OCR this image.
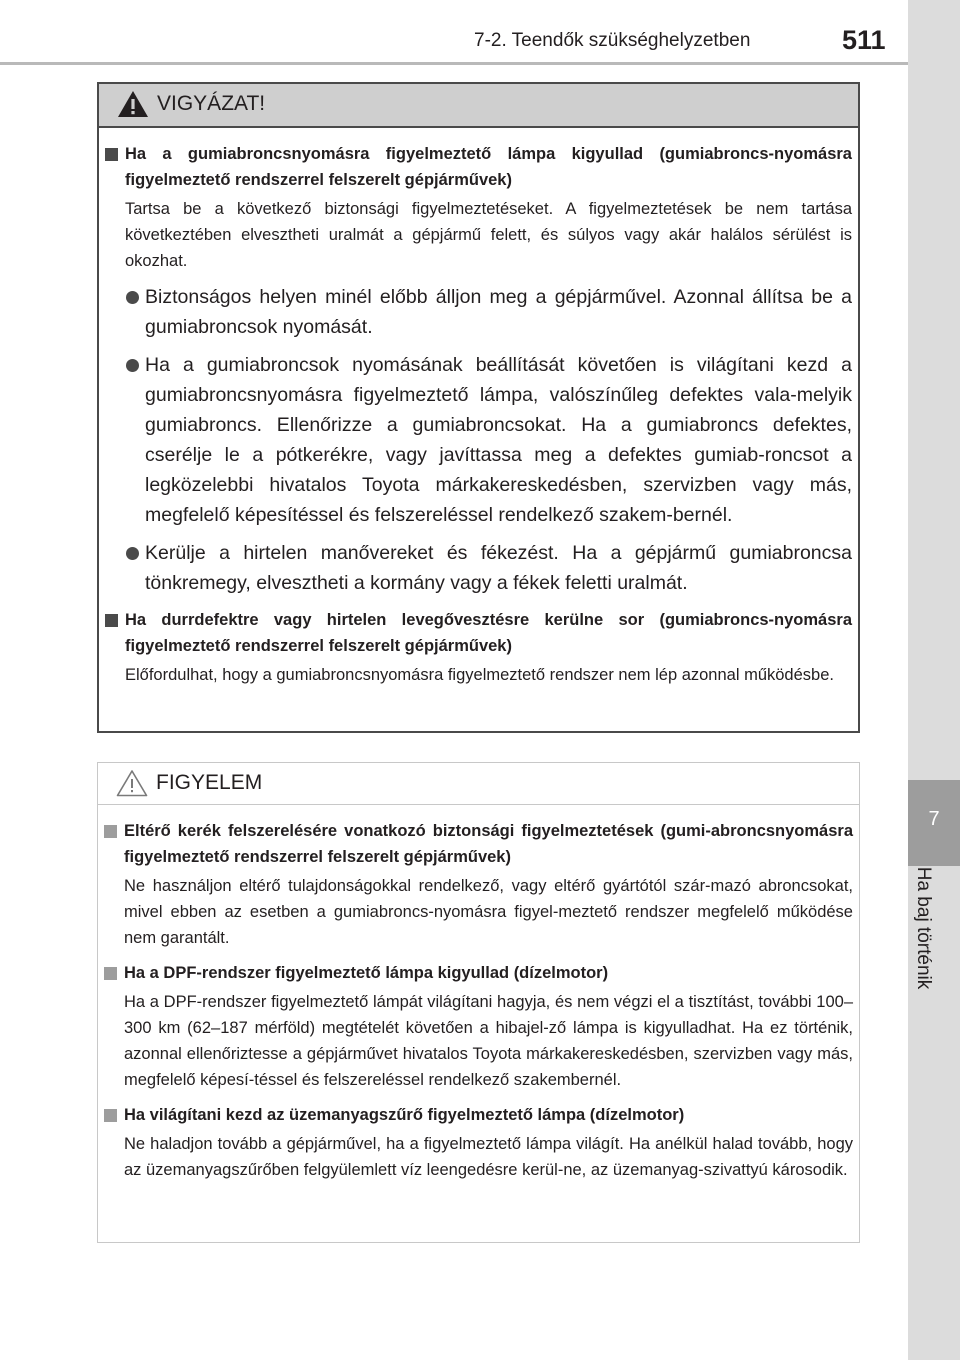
7-2. Teendők szükséghelyzetben	511
7
Ha baj történik
VIGYÁZAT!
Ha a gumiabroncsnyomásra figyelmeztető lámpa kigyullad (gumiabroncs-nyomásra figyelmeztető rendszerrel felszerelt gépjárművek)
Tartsa be a következő biztonsági figyelmeztetéseket. A figyelmeztetések be nem tartása következtében elvesztheti uralmát a gépjármű felett, és súlyos vagy akár halálos sérülést is okozhat.
Biztonságos helyen minél előbb álljon meg a gépjárművel. Azonnal állítsa be a gumiabroncsok nyomását.
Ha a gumiabroncsok nyomásának beállítását követően is világítani kezd a gumiabroncsnyomásra figyelmeztető lámpa, valószínűleg defektes vala-melyik gumiabroncs. Ellenőrizze a gumiabroncsokat. Ha a gumiabroncs defektes, cserélje le a pótkerékre, vagy javíttassa meg a defektes gumiab-roncsot a legközelebbi hivatalos Toyota márkakereskedésben, szervizben vagy más, megfelelő képesítéssel és felszereléssel rendelkező szakem-bernél.
Kerülje a hirtelen manővereket és fékezést. Ha a gépjármű gumiabroncsa tönkremegy, elvesztheti a kormány vagy a fékek feletti uralmát.
Ha durrdefektre vagy hirtelen levegővesztésre kerülne sor (gumiabroncs-nyomásra figyelmeztető rendszerrel felszerelt gépjárművek)
Előfordulhat, hogy a gumiabroncsnyomásra figyelmeztető rendszer nem lép azonnal működésbe.
FIGYELEM
Eltérő kerék felszerelésére vonatkozó biztonsági figyelmeztetések (gumi-abroncsnyomásra figyelmeztető rendszerrel felszerelt gépjárművek)
Ne használjon eltérő tulajdonságokkal rendelkező, vagy eltérő gyártótól szár-mazó abroncsokat, mivel ebben az esetben a gumiabroncs-nyomásra figyel-meztető rendszer megfelelő működése nem garantált.
Ha a DPF-rendszer figyelmeztető lámpa kigyullad (dízelmotor)
Ha a DPF-rendszer figyelmeztető lámpát világítani hagyja, és nem végzi el a tisztítást, további 100–300 km (62–187 mérföld) megtételét követően a hibajel-ző lámpa is kigyulladhat. Ha ez történik, azonnal ellenőriztesse a gépjárművet hivatalos Toyota márkakereskedésben, szervizben vagy más, megfelelő képesí-téssel és felszereléssel rendelkező szakembernél.
Ha világítani kezd az üzemanyagszűrő figyelmeztető lámpa (dízelmotor)
Ne haladjon tovább a gépjárművel, ha a figyelmeztető lámpa világít. Ha anélkül halad tovább, hogy az üzemanyagszűrőben felgyülemlett víz leengedésre kerül-ne, az üzemanyag-szivattyú károsodik.
